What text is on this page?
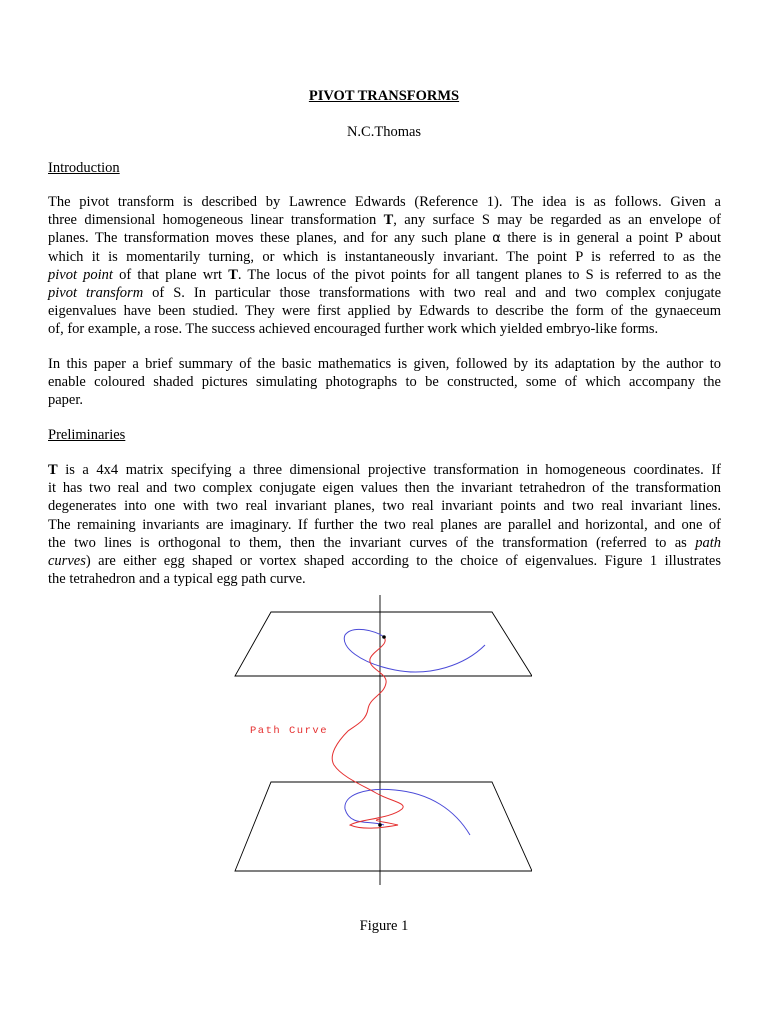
PIVOT TRANSFORMS
N.C.Thomas
Introduction
The pivot transform is described by Lawrence Edwards (Reference 1). The idea is as follows. Given a
three dimensional homogeneous linear transformation T, any surface S may be regarded as an envelope of
planes. The transformation moves these planes, and for any such plane α there is in general a point P about
which it is momentarily turning, or which is instantaneously invariant. The point P is referred to as the
pivot point of that plane wrt T. The locus of the pivot points for all tangent planes to S is referred to as the
pivot transform of S. In particular those transformations with two real and and two complex conjugate
eigenvalues have been studied. They were first applied by Edwards to describe the form of the gynaeceum
of, for example, a rose. The success achieved encouraged further work which yielded embryo-like forms.
In this paper a brief summary of the basic mathematics is given, followed by its adaptation by the author to
enable coloured shaded pictures simulating photographs to be constructed, some of which accompany the
paper.
Preliminaries
T is a 4x4 matrix specifying a three dimensional projective transformation in homogeneous coordinates. If
it has two real and two complex conjugate eigen values then the invariant tetrahedron of the transformation
degenerates into one with two real invariant planes, two real invariant points and two real invariant lines.
The remaining invariants are imaginary. If further the two real planes are parallel and horizontal, and one of
the two lines is orthogonal to them, then the invariant curves of the transformation (referred to as path
curves) are either egg shaped or vortex shaped according to the choice of eigenvalues. Figure 1 illustrates
the tetrahedron and a typical egg path curve.
Path Curve
Figure 1
